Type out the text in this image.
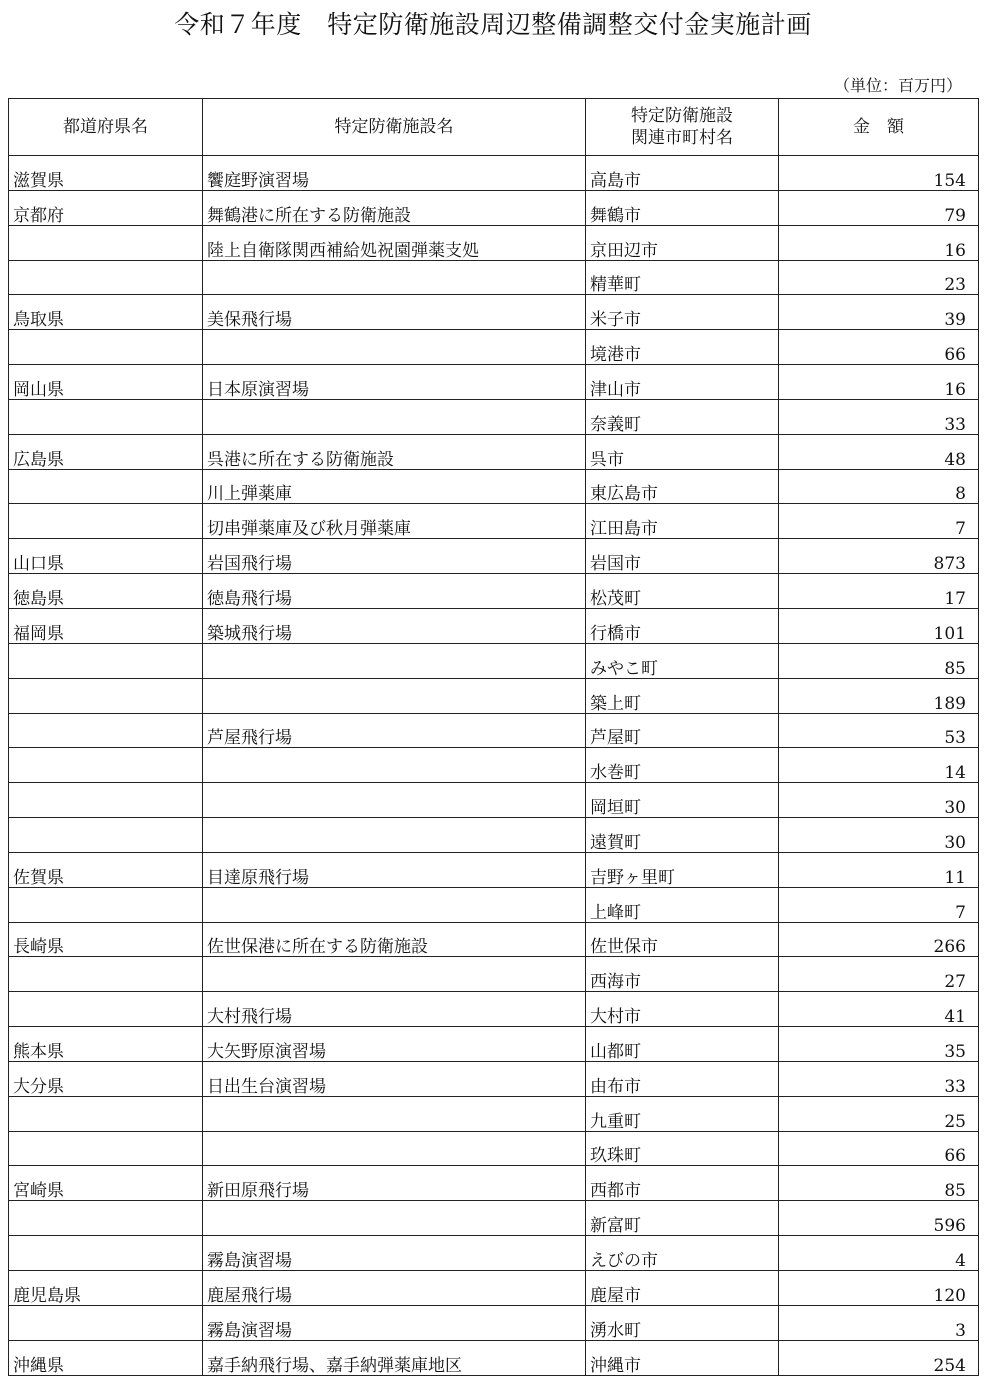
令和７年度　特定防衛施設周辺整備調整交付金実施計画
（単位：百万円）
都道府県名	特定防衛施設名	特定防衛施設
関連市町村名	金　額
滋賀県	饗庭野演習場	高島市	154
京都府	舞鶴港に所在する防衛施設	舞鶴市	79
	陸上自衛隊関西補給処祝園弾薬支処	京田辺市	16
		精華町	23
鳥取県	美保飛行場	米子市	39
		境港市	66
岡山県	日本原演習場	津山市	16
		奈義町	33
広島県	呉港に所在する防衛施設	呉市	48
	川上弾薬庫	東広島市	8
	切串弾薬庫及び秋月弾薬庫	江田島市	7
山口県	岩国飛行場	岩国市	873
徳島県	徳島飛行場	松茂町	17
福岡県	築城飛行場	行橋市	101
		みやこ町	85
		築上町	189
	芦屋飛行場	芦屋町	53
		水巻町	14
		岡垣町	30
		遠賀町	30
佐賀県	目達原飛行場	吉野ヶ里町	11
		上峰町	7
長崎県	佐世保港に所在する防衛施設	佐世保市	266
		西海市	27
	大村飛行場	大村市	41
熊本県	大矢野原演習場	山都町	35
大分県	日出生台演習場	由布市	33
		九重町	25
		玖珠町	66
宮崎県	新田原飛行場	西都市	85
		新富町	596
	霧島演習場	えびの市	4
鹿児島県	鹿屋飛行場	鹿屋市	120
	霧島演習場	湧水町	3
沖縄県	嘉手納飛行場、嘉手納弾薬庫地区	沖縄市	254
